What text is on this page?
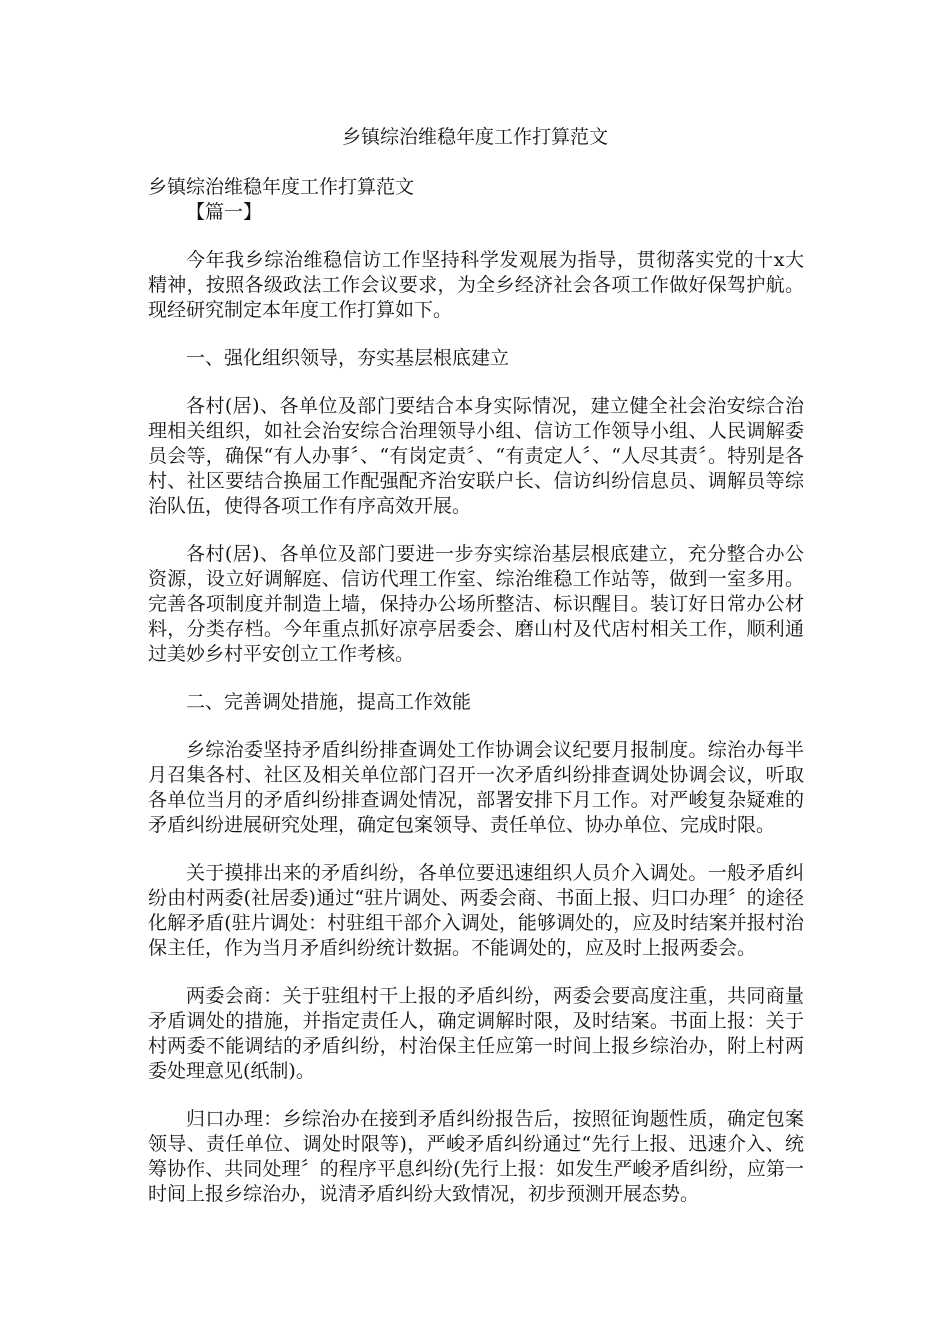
乡镇综治维稳年度工作打算范文

乡镇综治维稳年度工作打算范文

【篇一】

今年我乡综治维稳信访工作坚持科学发观展为指导，贯彻落实党的十x大精神，按照各级政法工作会议要求，为全乡经济社会各项工作做好保驾护航。现经研究制定本年度工作打算如下。

一、强化组织领导，夯实基层根底建立

各村(居)、各单位及部门要结合本身实际情况，建立健全社会治安综合治理相关组织，如社会治安综合治理领导小组、信访工作领导小组、人民调解委员会等，确保“有人办事〞、“有岗定责〞、“有责定人〞、“人尽其责〞。特别是各村、社区要结合换届工作配强配齐治安联户长、信访纠纷信息员、调解员等综治队伍，使得各项工作有序高效开展。

各村(居)、各单位及部门要进一步夯实综治基层根底建立，充分整合办公资源，设立好调解庭、信访代理工作室、综治维稳工作站等，做到一室多用。完善各项制度并制造上墙，保持办公场所整洁、标识醒目。装订好日常办公材料，分类存档。今年重点抓好凉亭居委会、磨山村及代店村相关工作，顺利通过美妙乡村平安创立工作考核。

二、完善调处措施，提高工作效能

乡综治委坚持矛盾纠纷排查调处工作协调会议纪要月报制度。综治办每半月召集各村、社区及相关单位部门召开一次矛盾纠纷排查调处协调会议，听取各单位当月的矛盾纠纷排查调处情况，部署安排下月工作。对严峻复杂疑难的矛盾纠纷进展研究处理，确定包案领导、责任单位、协办单位、完成时限。

关于摸排出来的矛盾纠纷，各单位要迅速组织人员介入调处。一般矛盾纠纷由村两委(社居委)通过“驻片调处、两委会商、书面上报、归口办理〞的途径化解矛盾(驻片调处：村驻组干部介入调处，能够调处的，应及时结案并报村治保主任，作为当月矛盾纠纷统计数据。不能调处的，应及时上报两委会。

两委会商：关于驻组村干上报的矛盾纠纷，两委会要高度注重，共同商量矛盾调处的措施，并指定责任人，确定调解时限，及时结案。书面上报：关于村两委不能调结的矛盾纠纷，村治保主任应第一时间上报乡综治办，附上村两委处理意见(纸制)。

归口办理：乡综治办在接到矛盾纠纷报告后，按照征询题性质，确定包案领导、责任单位、调处时限等)，严峻矛盾纠纷通过“先行上报、迅速介入、统筹协作、共同处理〞的程序平息纠纷(先行上报：如发生严峻矛盾纠纷，应第一时间上报乡综治办，说清矛盾纠纷大致情况，初步预测开展态势。
